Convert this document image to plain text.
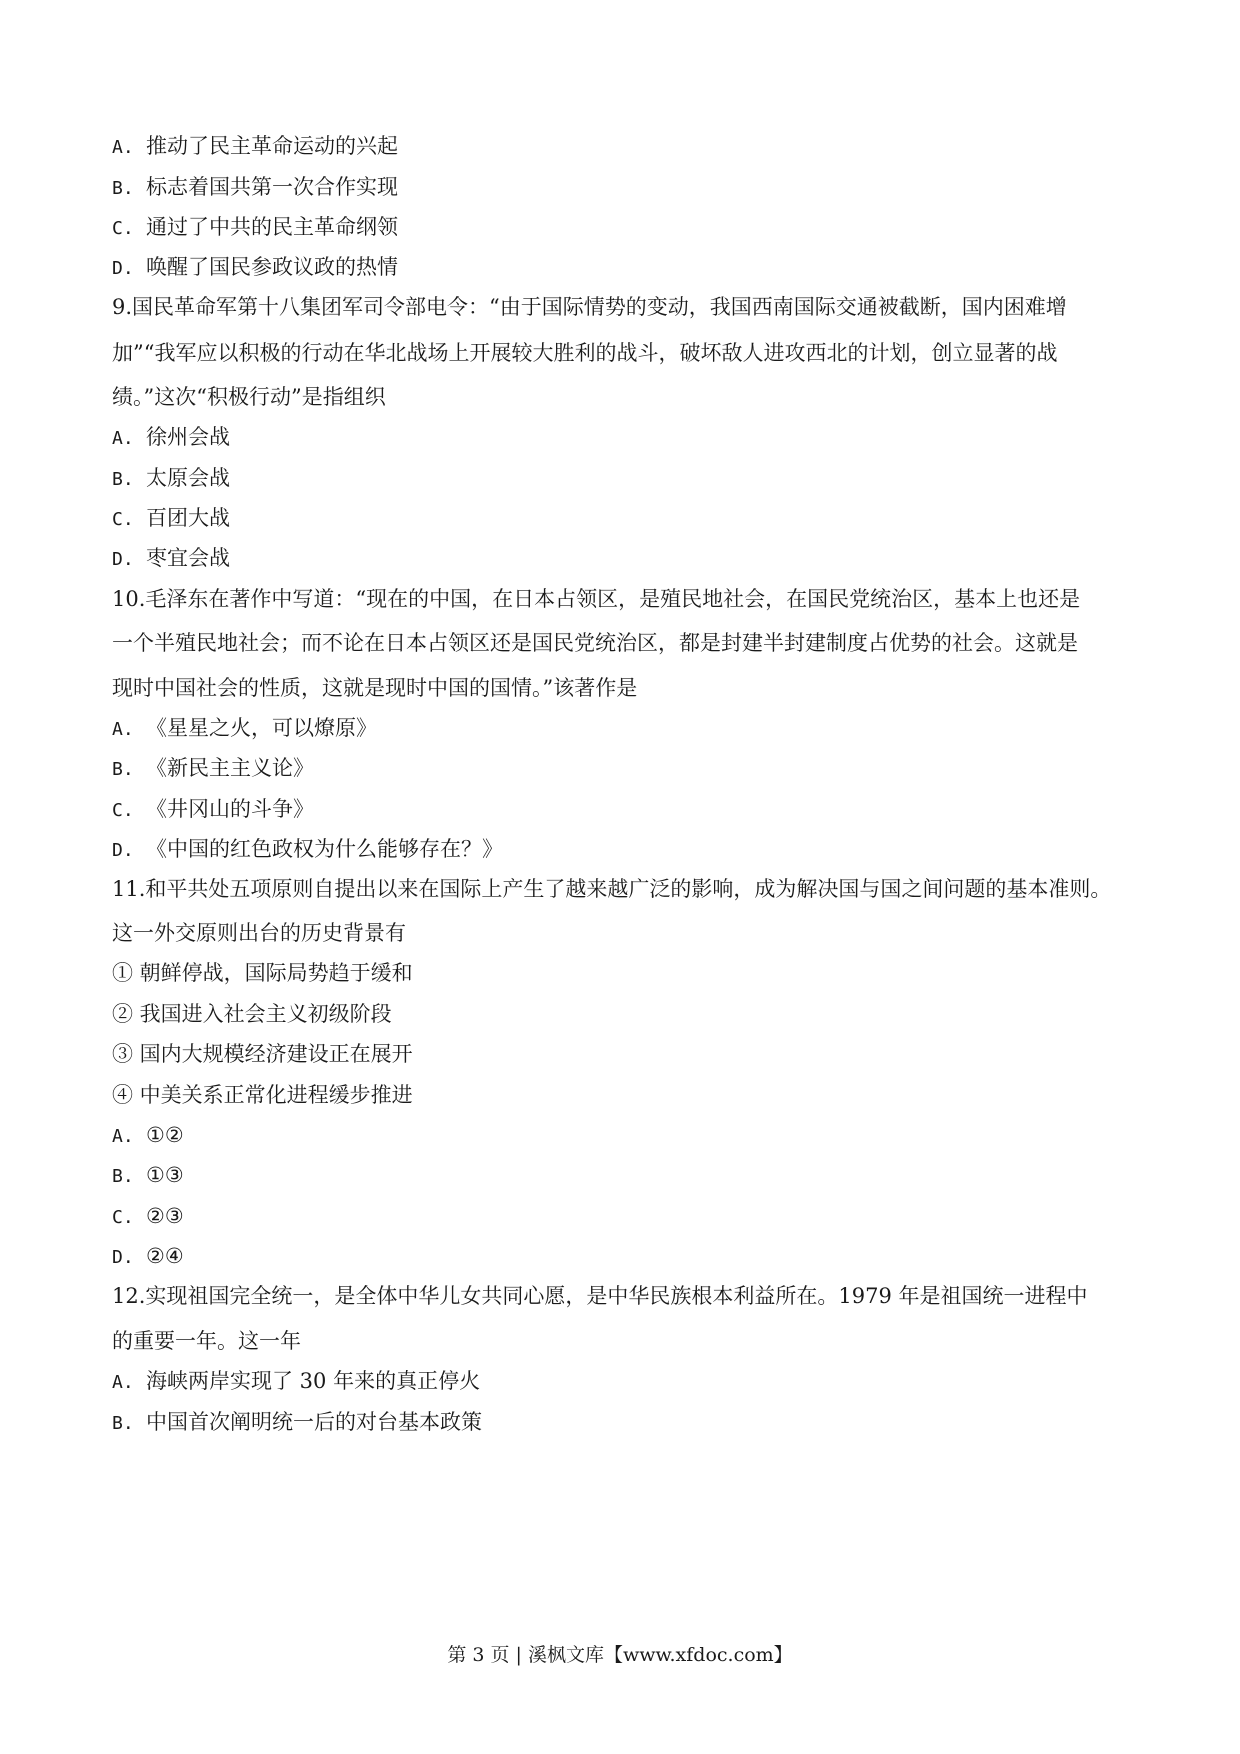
A. 推动了民主革命运动的兴起
B. 标志着国共第一次合作实现
C. 通过了中共的民主革命纲领
D. 唤醒了国民参政议政的热情
9.国民革命军第十八集团军司令部电令：“由于国际情势的变动，我国西南国际交通被截断，国内困难增
加”“我军应以积极的行动在华北战场上开展较大胜利的战斗，破坏敌人进攻西北的计划，创立显著的战
绩。”这次“积极行动”是指组织
A. 徐州会战
B. 太原会战
C. 百团大战
D. 枣宜会战
10.毛泽东在著作中写道：“现在的中国，在日本占领区，是殖民地社会，在国民党统治区，基本上也还是
一个半殖民地社会；而不论在日本占领区还是国民党统治区，都是封建半封建制度占优势的社会。这就是
现时中国社会的性质，这就是现时中国的国情。”该著作是
A. 《星星之火，可以燎原》
B. 《新民主主义论》
C. 《井冈山的斗争》
D. 《中国的红色政权为什么能够存在？》
11.和平共处五项原则自提出以来在国际上产生了越来越广泛的影响，成为解决国与国之间问题的基本准则。
这一外交原则出台的历史背景有
① 朝鲜停战，国际局势趋于缓和
② 我国进入社会主义初级阶段
③ 国内大规模经济建设正在展开
④ 中美关系正常化进程缓步推进
A. ①②
B. ①③
C. ②③
D. ②④
12.实现祖国完全统一，是全体中华儿女共同心愿，是中华民族根本利益所在。1979 年是祖国统一进程中
的重要一年。这一年
A. 海峡两岸实现了 30 年来的真正停火
B. 中国首次阐明统一后的对台基本政策
第 3 页 | 溪枫文库【www.xfdoc.com】
